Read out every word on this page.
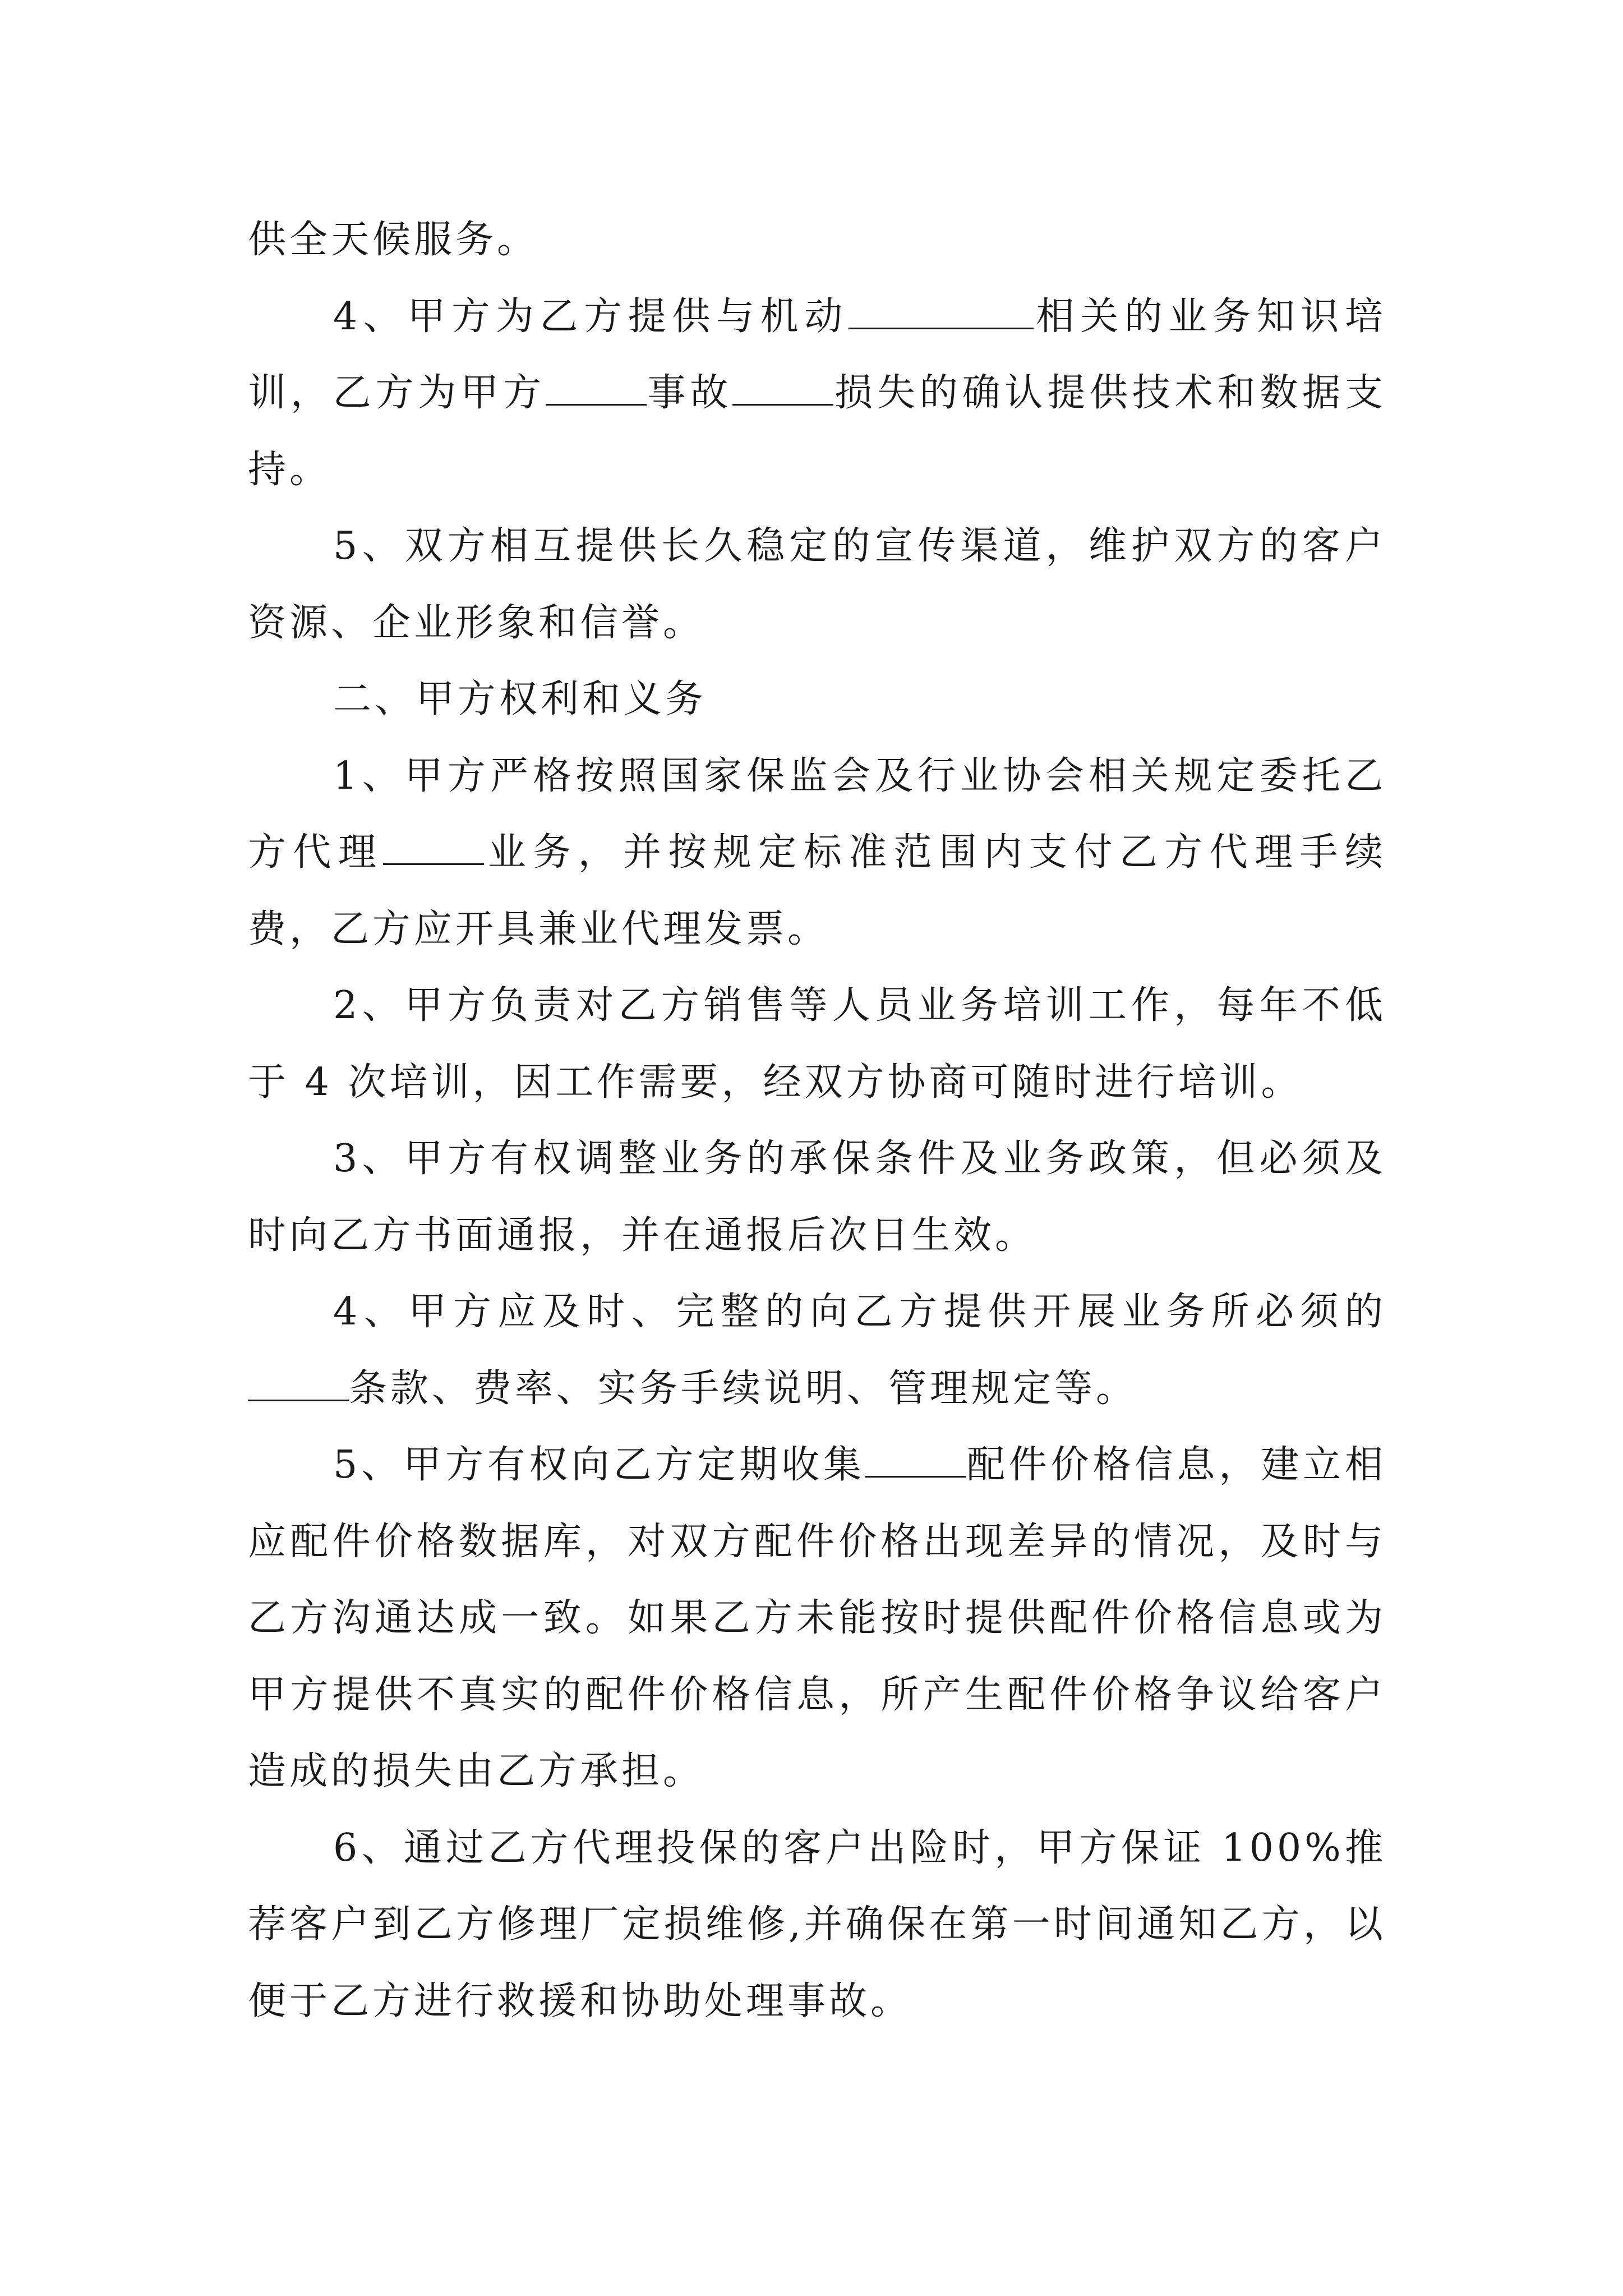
供全天候服务。

4、甲方为乙方提供与机动	相关的业务知识培训，乙方为甲方	事故	损失的确认提供技术和数据支持。

5、双方相互提供长久稳定的宣传渠道，维护双方的客户资源、企业形象和信誉。

二、甲方权利和义务

1、甲方严格按照国家保监会及行业协会相关规定委托乙方代理	业务，并按规定标准范围内支付乙方代理手续费，乙方应开具兼业代理发票。

2、甲方负责对乙方销售等人员业务培训工作，每年不低于 4 次培训，因工作需要，经双方协商可随时进行培训。

3、甲方有权调整业务的承保条件及业务政策，但必须及时向乙方书面通报，并在通报后次日生效。

4、甲方应及时、完整的向乙方提供开展业务所必须的条款、费率、实务手续说明、管理规定等。

5、甲方有权向乙方定期收集	配件价格信息，建立相应配件价格数据库，对双方配件价格出现差异的情况，及时与乙方沟通达成一致。如果乙方未能按时提供配件价格信息或为甲方提供不真实的配件价格信息，所产生配件价格争议给客户造成的损失由乙方承担。

6、通过乙方代理投保的客户出险时，甲方保证 100%推荐客户到乙方修理厂定损维修,并确保在第一时间通知乙方，以便于乙方进行救援和协助处理事故。
